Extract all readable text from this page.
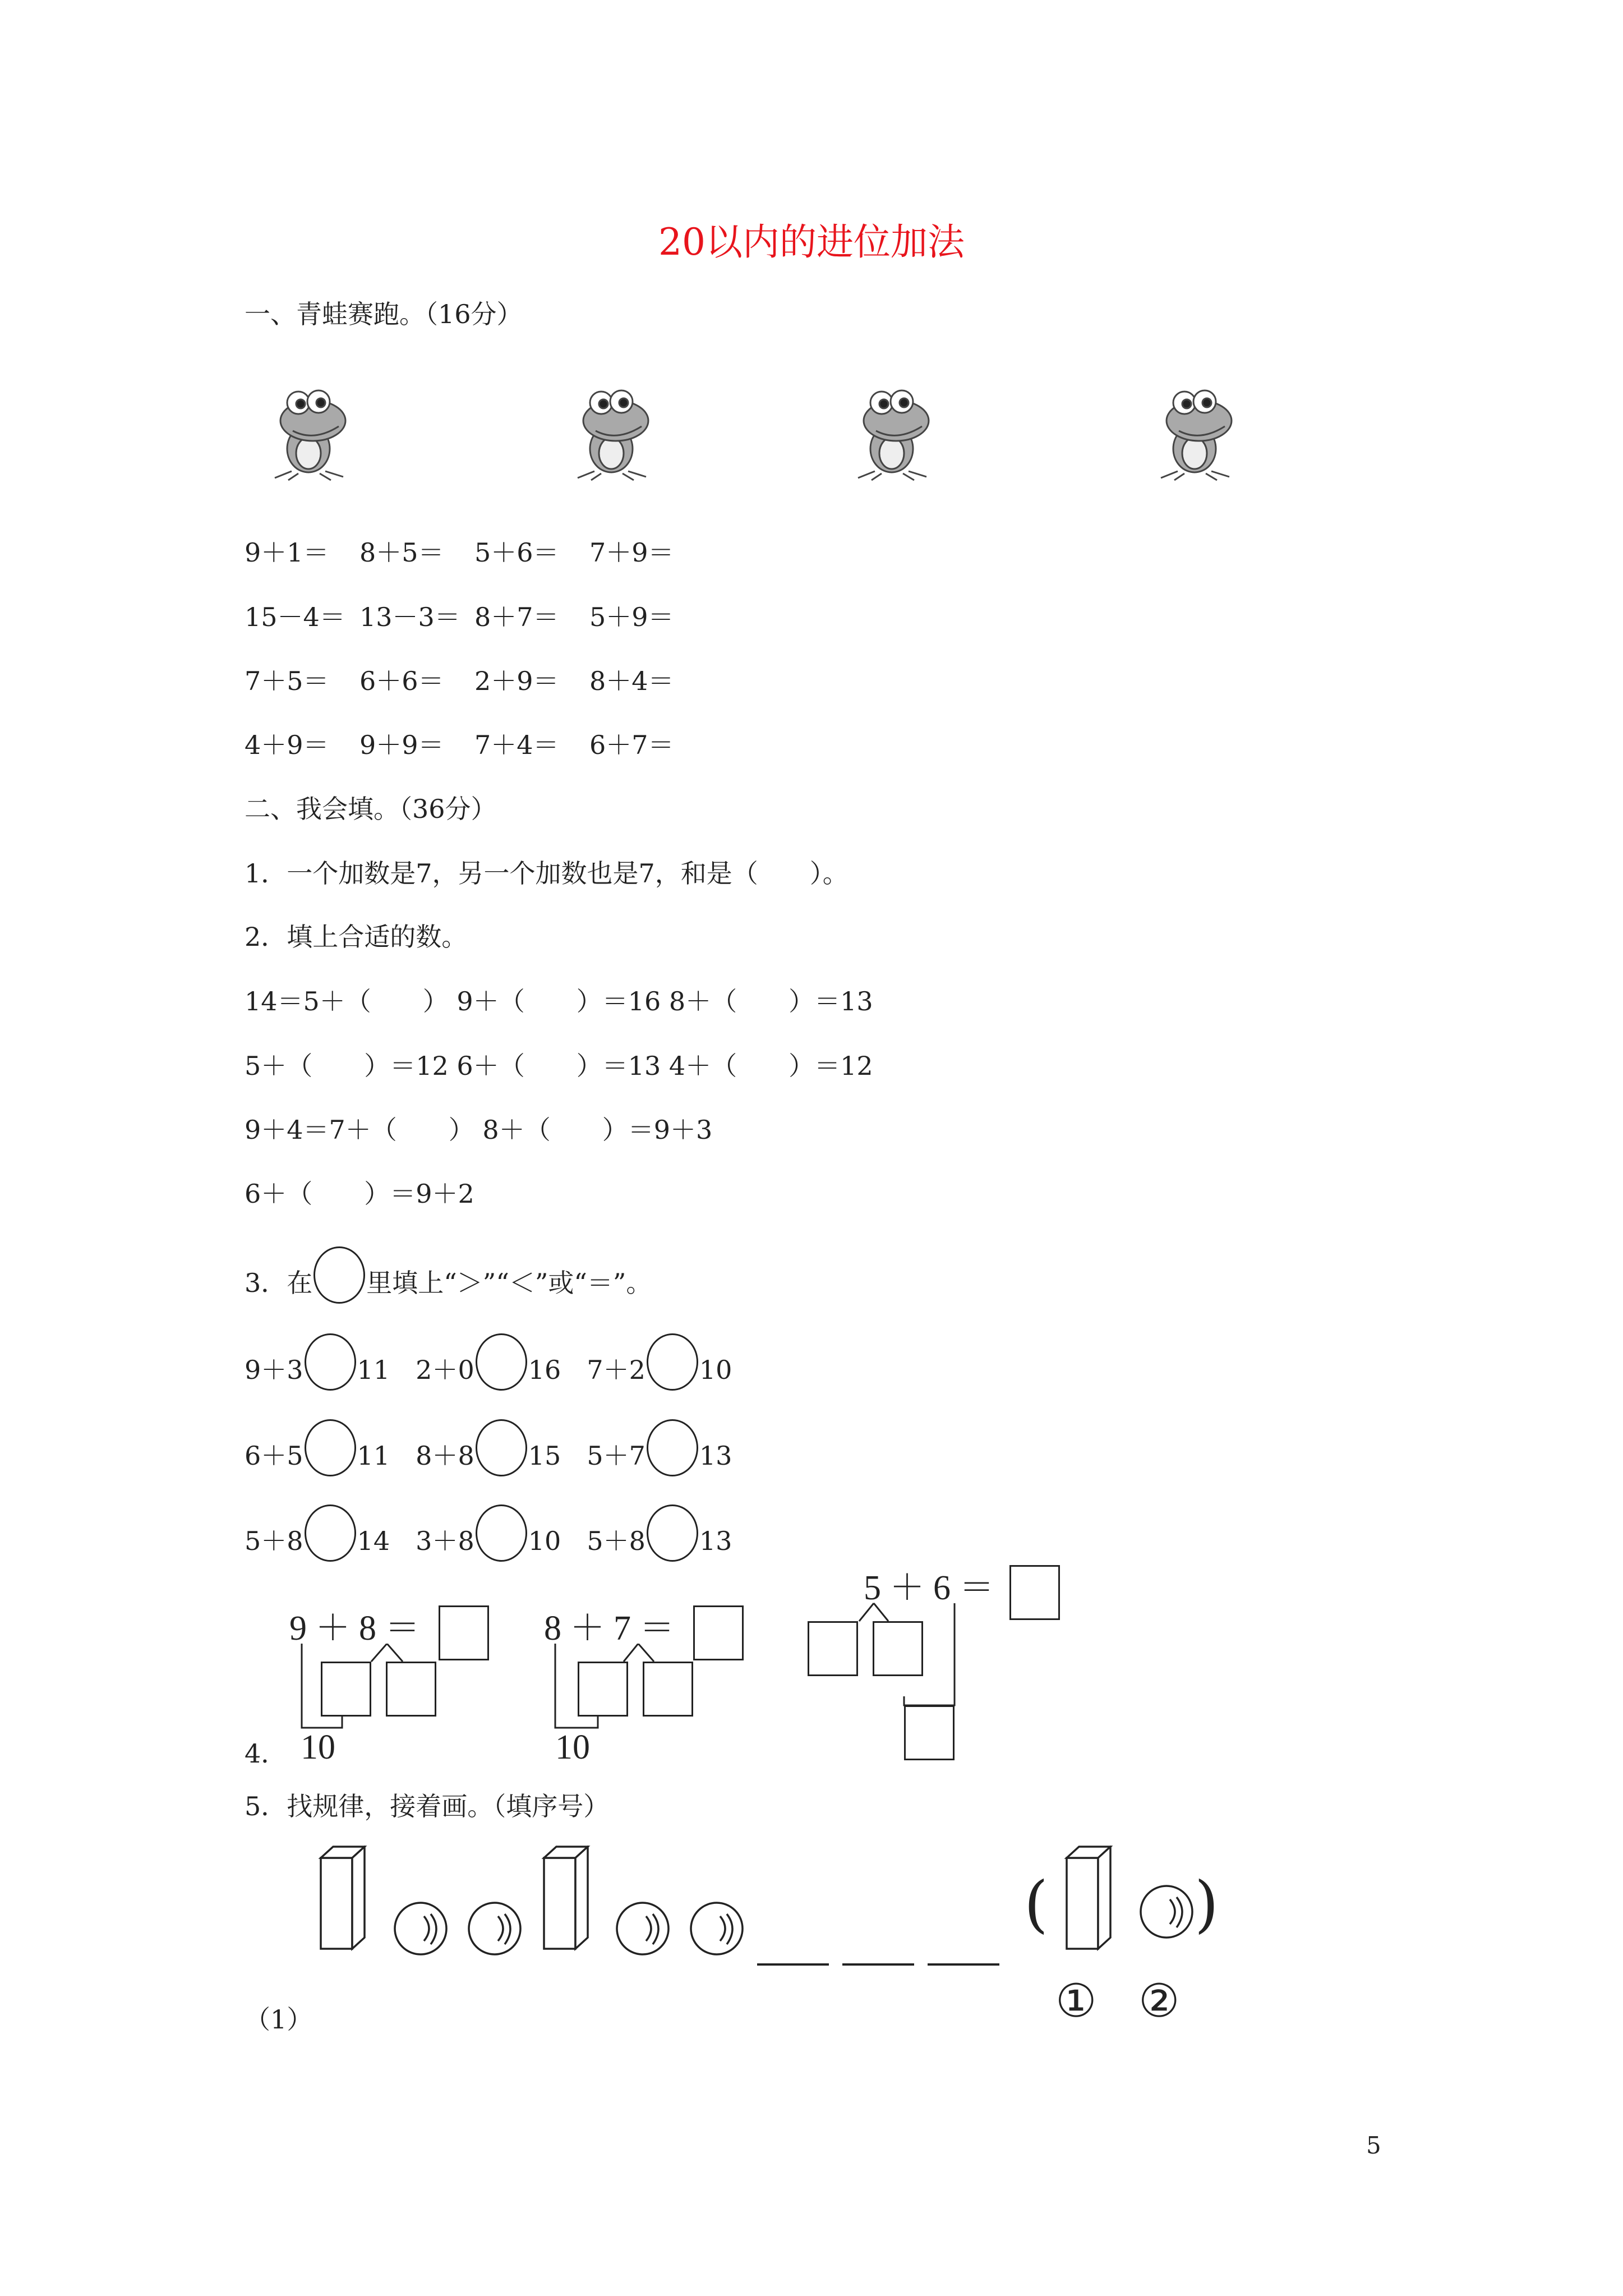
20以内的进位加法
一、青蛙赛跑。（16分）
9＋1＝ 8＋5＝ 5＋6＝ 7＋9＝
15－4＝ 13－3＝ 8＋7＝ 5＋9＝
7＋5＝ 6＋6＝ 2＋9＝ 8＋4＝
4＋9＝ 9＋9＝ 7＋4＝ 6＋7＝
二、我会填。（36分）
1．一个加数是7，另一个加数也是7，和是（　　）。
2．填上合适的数。
14＝5＋（　　） 9＋（　　）＝16 8＋（　　）＝13
5＋（　　）＝12 6＋（　　）＝13 4＋（　　）＝12
9＋4＝7＋（　　） 8＋（　　）＝9＋3
6＋（　　）＝9＋2
3．在 里填上“＞”“＜”或“＝”。
9＋3 11 2＋0 16 7＋2 10
6＋5 11 8＋8 15 5＋7 13
5＋8 14 3＋8 10 5＋8 13
4．
9 ＋ 8 ＝
10
8 ＋ 7 ＝
10
5 ＋ 6 ＝
5．找规律，接着画。（填序号）
( )
① ②
（1）
5
